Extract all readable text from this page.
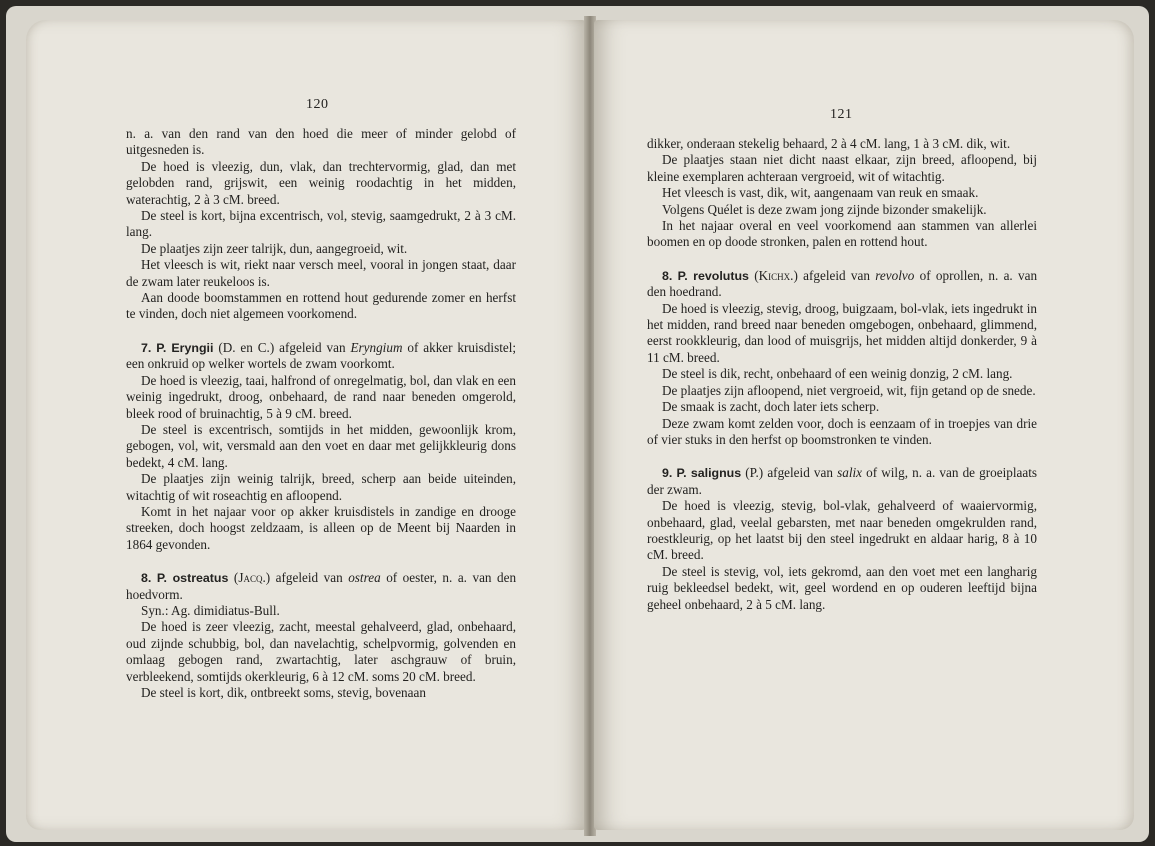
120

n. a. van den rand van den hoed die meer of minder gelobd of uitgesneden is.

De hoed is vleezig, dun, vlak, dan trechtervormig, glad, dan met gelobden rand, grijswit, een weinig roodachtig in het midden, waterachtig, 2 à 3 cM. breed.

De steel is kort, bijna excentrisch, vol, stevig, saamgedrukt, 2 à 3 cM. lang.

De plaatjes zijn zeer talrijk, dun, aangegroeid, wit.

Het vleesch is wit, riekt naar versch meel, vooral in jongen staat, daar de zwam later reukeloos is.

Aan doode boomstammen en rottend hout gedurende zomer en herfst te vinden, doch niet algemeen voorkomend.

7. P. Eryngii (D. en C.) afgeleid van Eryngium of akker kruisdistel; een onkruid op welker wortels de zwam voorkomt.

De hoed is vleezig, taai, halfrond of onregelmatig, bol, dan vlak en een weinig ingedrukt, droog, onbehaard, de rand naar beneden omgerold, bleek rood of bruinachtig, 5 à 9 cM. breed.

De steel is excentrisch, somtijds in het midden, gewoonlijk krom, gebogen, vol, wit, versmald aan den voet en daar met gelijkkleurig dons bedekt, 4 cM. lang.

De plaatjes zijn weinig talrijk, breed, scherp aan beide uiteinden, witachtig of wit roseachtig en afloopend.

Komt in het najaar voor op akker kruisdistels in zandige en drooge streeken, doch hoogst zeldzaam, is alleen op de Meent bij Naarden in 1864 gevonden.

8. P. ostreatus (Jacq.) afgeleid van ostrea of oester, n. a. van den hoedvorm.

Syn.: Ag. dimidiatus-Bull.

De hoed is zeer vleezig, zacht, meestal gehalveerd, glad, onbehaard, oud zijnde schubbig, bol, dan navelachtig, schelpvormig, golvenden en omlaag gebogen rand, zwartachtig, later aschgrauw of bruin, verbleekend, somtijds okerkleurig, 6 à 12 cM. soms 20 cM. breed.

De steel is kort, dik, ontbreekt soms, stevig, bovenaan

121

dikker, onderaan stekelig behaard, 2 à 4 cM. lang, 1 à 3 cM. dik, wit.

De plaatjes staan niet dicht naast elkaar, zijn breed, afloopend, bij kleine exemplaren achteraan vergroeid, wit of witachtig.

Het vleesch is vast, dik, wit, aangenaam van reuk en smaak.

Volgens Quélet is deze zwam jong zijnde bizonder smakelijk.

In het najaar overal en veel voorkomend aan stammen van allerlei boomen en op doode stronken, palen en rottend hout.

8. P. revolutus (Kichx.) afgeleid van revolvo of oprollen, n. a. van den hoedrand.

De hoed is vleezig, stevig, droog, buigzaam, bol-vlak, iets ingedrukt in het midden, rand breed naar beneden omgebogen, onbehaard, glimmend, eerst rookkleurig, dan lood of muisgrijs, het midden altijd donkerder, 9 à 11 cM. breed.

De steel is dik, recht, onbehaard of een weinig donzig, 2 cM. lang.

De plaatjes zijn afloopend, niet vergroeid, wit, fijn getand op de snede.

De smaak is zacht, doch later iets scherp.

Deze zwam komt zelden voor, doch is eenzaam of in troepjes van drie of vier stuks in den herfst op boomstronken te vinden.

9. P. salignus (P.) afgeleid van salix of wilg, n. a. van de groeiplaats der zwam.

De hoed is vleezig, stevig, bol-vlak, gehalveerd of waaiervormig, onbehaard, glad, veelal gebarsten, met naar beneden omgekrulden rand, roestkleurig, op het laatst bij den steel ingedrukt en aldaar harig, 8 à 10 cM. breed.

De steel is stevig, vol, iets gekromd, aan den voet met een langharig ruig bekleedsel bedekt, wit, geel wordend en op ouderen leeftijd bijna geheel onbehaard, 2 à 5 cM. lang.
